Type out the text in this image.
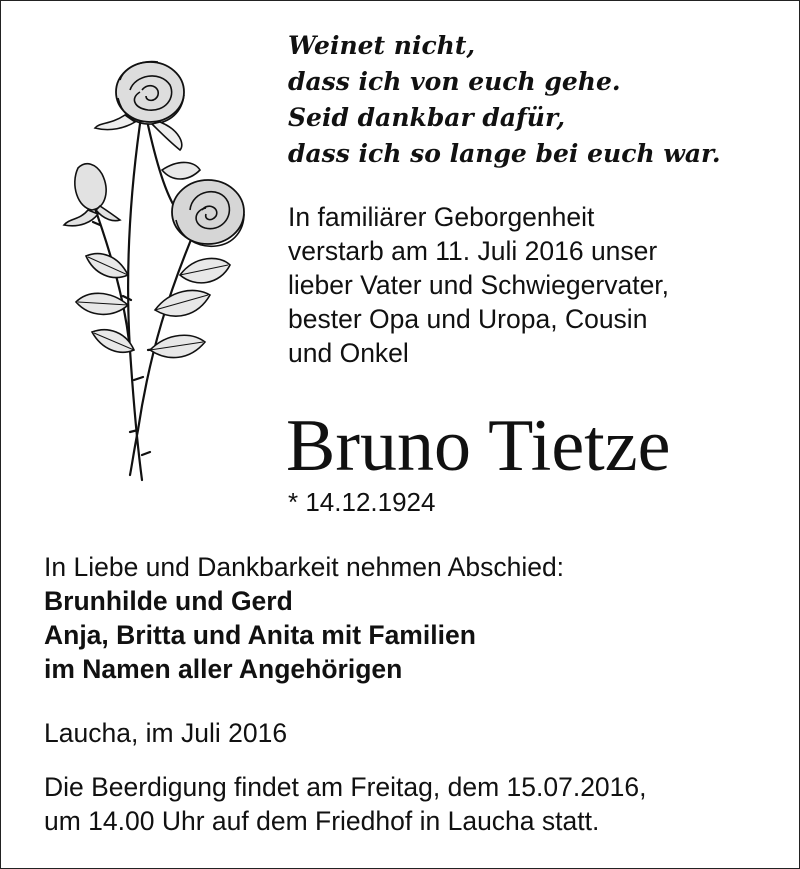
Weinet nicht,
dass ich von euch gehe.
Seid dankbar dafür,
dass ich so lange bei euch war.
In familiärer Geborgenheit
verstarb am 11. Juli 2016 unser
lieber Vater und Schwiegervater,
bester Opa und Uropa, Cousin
und Onkel
Bruno Tietze
* 14.12.1924
In Liebe und Dankbarkeit nehmen Abschied:
Brunhilde und Gerd
Anja, Britta und Anita mit Familien
im Namen aller Angehörigen
Laucha, im Juli 2016
Die Beerdigung findet am Freitag, dem 15.07.2016,
um 14.00 Uhr auf dem Friedhof in Laucha statt.
